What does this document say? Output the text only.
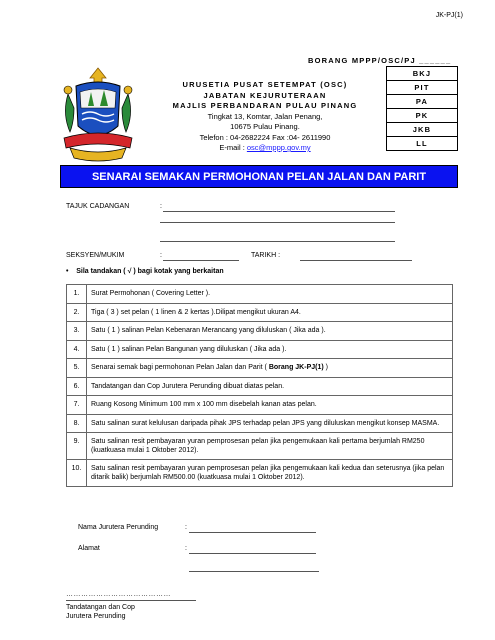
JK-PJ(1)
BORANG MPPP/OSC/PJ ______
URUSETIA PUSAT SETEMPAT (OSC)
JABATAN KEJURUTERAAN
MAJLIS PERBANDARAN PULAU PINANG
Tingkat 13, Komtar, Jalan Penang,
10675 Pulau Pinang.
Telefon : 04-2682224 Fax :04- 2611990
E-mail : osc@mppp.gov.my
BKJ
PIT
PA
PK
JKB
LL
SENARAI SEMAKAN PERMOHONAN PELAN JALAN DAN PARIT
TAJUK CADANGAN	:
SEKSYEN/MUKIM	:	TARIKH :
• Sila tandakan ( √ ) bagi kotak yang berkaitan
1.	Surat Permohonan ( Covering Letter ).
2.	Tiga ( 3 ) set pelan ( 1 linen & 2 kertas ).Dilipat mengikut ukuran A4.
3.	Satu ( 1 ) salinan Pelan Kebenaran Merancang yang diluluskan ( Jika ada ).
4.	Satu ( 1 ) salinan Pelan Bangunan yang diluluskan ( Jika ada ).
5.	Senarai semak bagi permohonan Pelan Jalan dan Parit ( Borang JK-PJ(1) )
6.	Tandatangan dan Cop Jurutera Perunding dibuat diatas pelan.
7.	Ruang Kosong Minimum 100 mm x 100 mm disebelah kanan atas pelan.
8.	Satu salinan surat kelulusan daripada pihak JPS terhadap pelan JPS yang diluluskan mengikut konsep MASMA.
9.	Satu salinan resit pembayaran yuran pemprosesan pelan jika pengemukaan kali pertama berjumlah RM250 (kuatkuasa mulai 1 Oktober 2012).
10.	Satu salinan resit pembayaran yuran pemprosesan pelan jika pengemukaan kali kedua dan seterusnya (jika pelan ditarik balik) berjumlah RM500.00 (kuatkuasa mulai 1 Oktober 2012).
Nama Jurutera Perunding	:
Alamat	:
……………………………………
Tandatangan dan Cop
Jurutera Perunding
